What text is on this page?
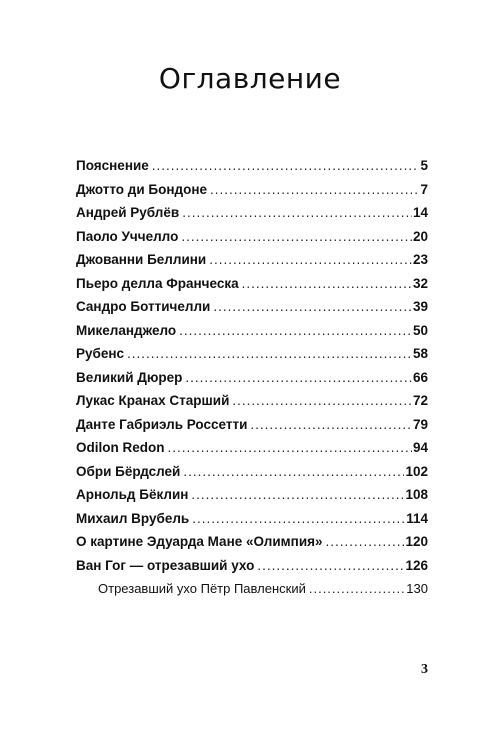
Оглавление
Пояснение .....	5
Джотто ди Бондоне .....	7
Андрей Рублёв .....	14
Паоло Уччелло .....	20
Джованни Беллини .....	23
Пьеро делла Франческа .....	32
Сандро Боттичелли .....	39
Микеланджело .....	50
Рубенс .....	58
Великий Дюрер .....	66
Лукас Кранах Старший .....	72
Данте Габриэль Россетти .....	79
Odilon Redon .....	94
Обри Бёрдслей .....	102
Арнольд Бёклин .....	108
Михаил Врубель .....	114
О картине Эдуарда Мане «Олимпия» .....	120
Ван Гог — отрезавший ухо .....	126
Отрезавший ухо Пётр Павленский .....	130
3
